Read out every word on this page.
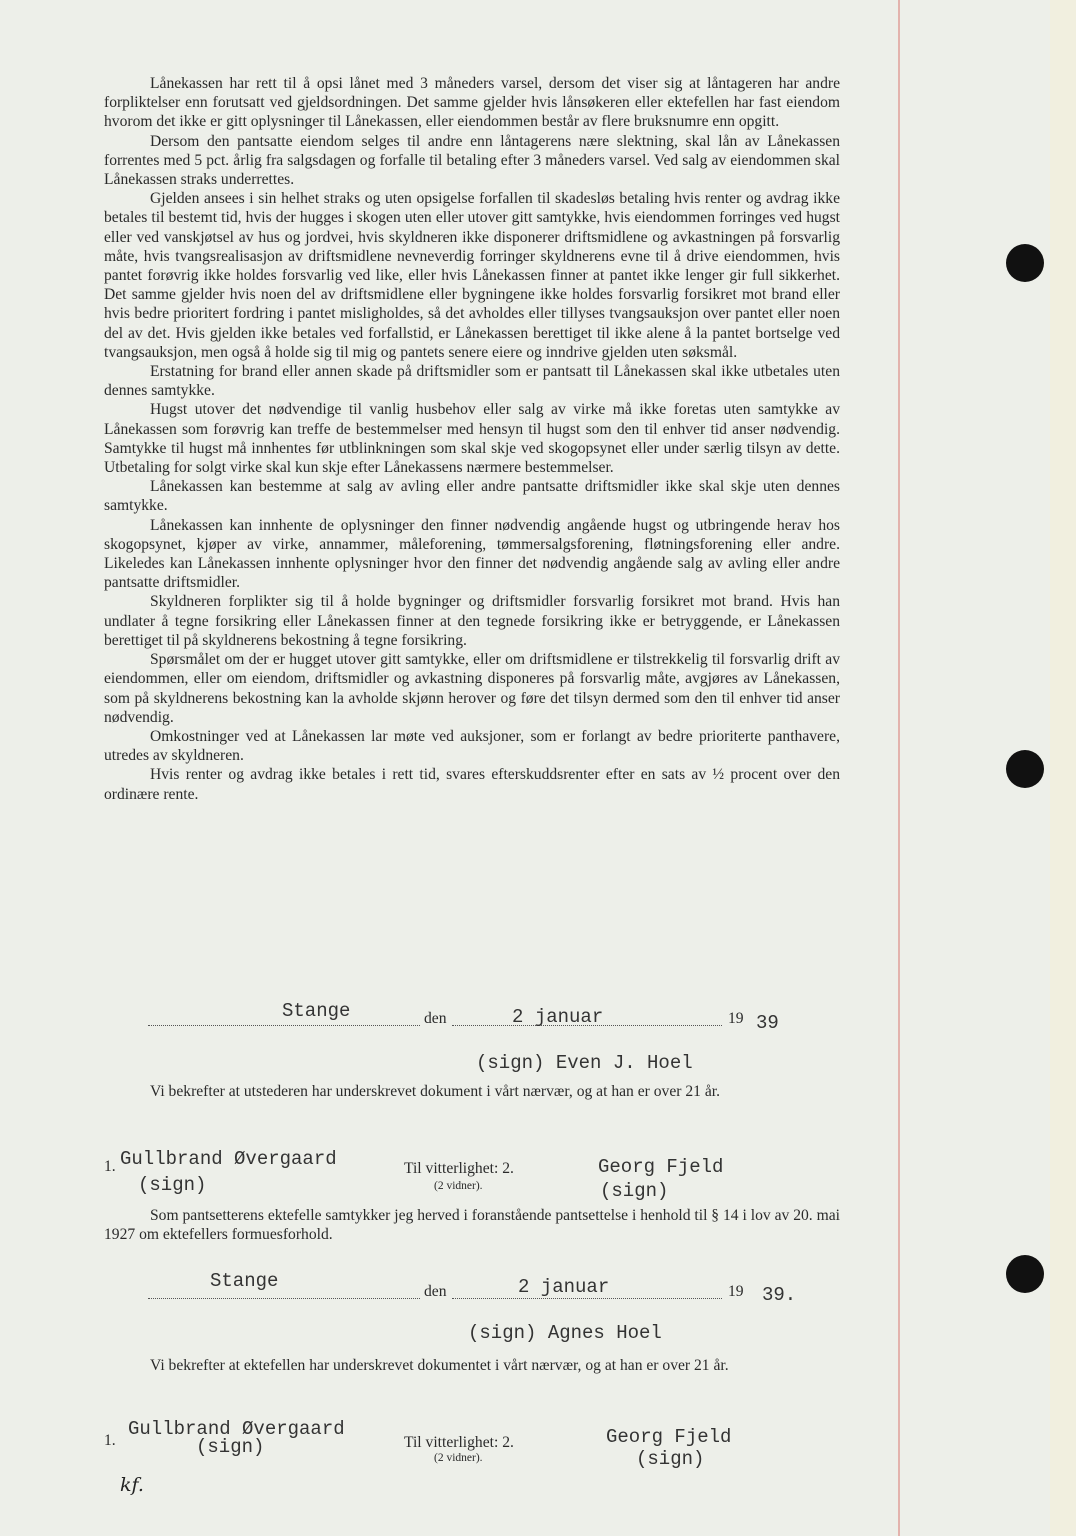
Lånekassen har rett til å opsi lånet med 3 måneders varsel, dersom det viser sig at låntageren har andre forpliktelser enn forutsatt ved gjeldsordningen. Det samme gjelder hvis lånsøkeren eller ektefellen har fast eiendom hvorom det ikke er gitt oplysninger til Lånekassen, eller eiendommen består av flere bruksnumre enn opgitt.

Dersom den pantsatte eiendom selges til andre enn låntagerens nære slektning, skal lån av Lånekassen forrentes med 5 pct. årlig fra salgsdagen og forfalle til betaling efter 3 måneders varsel. Ved salg av eiendommen skal Lånekassen straks underrettes.

Gjelden ansees i sin helhet straks og uten opsigelse forfallen til skadesløs betaling hvis renter og avdrag ikke betales til bestemt tid, hvis der hugges i skogen uten eller utover gitt samtykke, hvis eiendommen forringes ved hugst eller ved vanskjøtsel av hus og jordvei, hvis skyldneren ikke disponerer driftsmidlene og avkastningen på forsvarlig måte, hvis tvangsrealisasjon av driftsmidlene nevneverdig forringer skyldnerens evne til å drive eiendommen, hvis pantet forøvrig ikke holdes forsvarlig ved like, eller hvis Lånekassen finner at pantet ikke lenger gir full sikkerhet. Det samme gjelder hvis noen del av driftsmidlene eller bygningene ikke holdes forsvarlig forsikret mot brand eller hvis bedre prioritert fordring i pantet misligholdes, så det avholdes eller tillyses tvangsauksjon over pantet eller noen del av det. Hvis gjelden ikke betales ved forfallstid, er Lånekassen berettiget til ikke alene å la pantet bortselge ved tvangsauksjon, men også å holde sig til mig og pantets senere eiere og inndrive gjelden uten søksmål.

Erstatning for brand eller annen skade på driftsmidler som er pantsatt til Lånekassen skal ikke utbetales uten dennes samtykke.

Hugst utover det nødvendige til vanlig husbehov eller salg av virke må ikke foretas uten samtykke av Lånekassen som forøvrig kan treffe de bestemmelser med hensyn til hugst som den til enhver tid anser nødvendig. Samtykke til hugst må innhentes før utblinkningen som skal skje ved skogopsynet eller under særlig tilsyn av dette. Utbetaling for solgt virke skal kun skje efter Lånekassens nærmere bestemmelser.

Lånekassen kan bestemme at salg av avling eller andre pantsatte driftsmidler ikke skal skje uten dennes samtykke.

Lånekassen kan innhente de oplysninger den finner nødvendig angående hugst og utbringende herav hos skogopsynet, kjøper av virke, annammer, måleforening, tømmersalgsforening, fløtningsforening eller andre. Likeledes kan Lånekassen innhente oplysninger hvor den finner det nødvendig angående salg av avling eller andre pantsatte driftsmidler.

Skyldneren forplikter sig til å holde bygninger og driftsmidler forsvarlig forsikret mot brand. Hvis han undlater å tegne forsikring eller Lånekassen finner at den tegnede forsikring ikke er betryggende, er Lånekassen berettiget til på skyldnerens bekostning å tegne forsikring.

Spørsmålet om der er hugget utover gitt samtykke, eller om driftsmidlene er tilstrekkelig til forsvarlig drift av eiendommen, eller om eiendom, driftsmidler og avkastning disponeres på forsvarlig måte, avgjøres av Lånekassen, som på skyldnerens bekostning kan la avholde skjønn herover og føre det tilsyn dermed som den til enhver tid anser nødvendig.

Omkostninger ved at Lånekassen lar møte ved auksjoner, som er forlangt av bedre prioriterte panthavere, utredes av skyldneren.

Hvis renter og avdrag ikke betales i rett tid, svares efterskuddsrenter efter en sats av ½ procent over den ordinære rente.

Stange	den	2 januar	19 39
(sign) Even J. Hoel

Vi bekrefter at utstederen har underskrevet dokument i vårt nærvær, og at han er over 21 år.

1. Gullbrand Øvergaard
(sign)
Til vitterlighet: 2.
(2 vidner).
Georg Fjeld
(sign)

Som pantsetterens ektefelle samtykker jeg herved i foranstående pantsettelse i henhold til § 14 i lov av 20. mai 1927 om ektefellers formuesforhold.

Stange	den	2 januar	19 39.
(sign) Agnes Hoel

Vi bekrefter at ektefellen har underskrevet dokumentet i vårt nærvær, og at han er over 21 år.

1.
Gullbrand Øvergaard
(sign)	Til vitterlighet: 2.
(2 vidner).
Georg Fjeld
(sign)
kf.
